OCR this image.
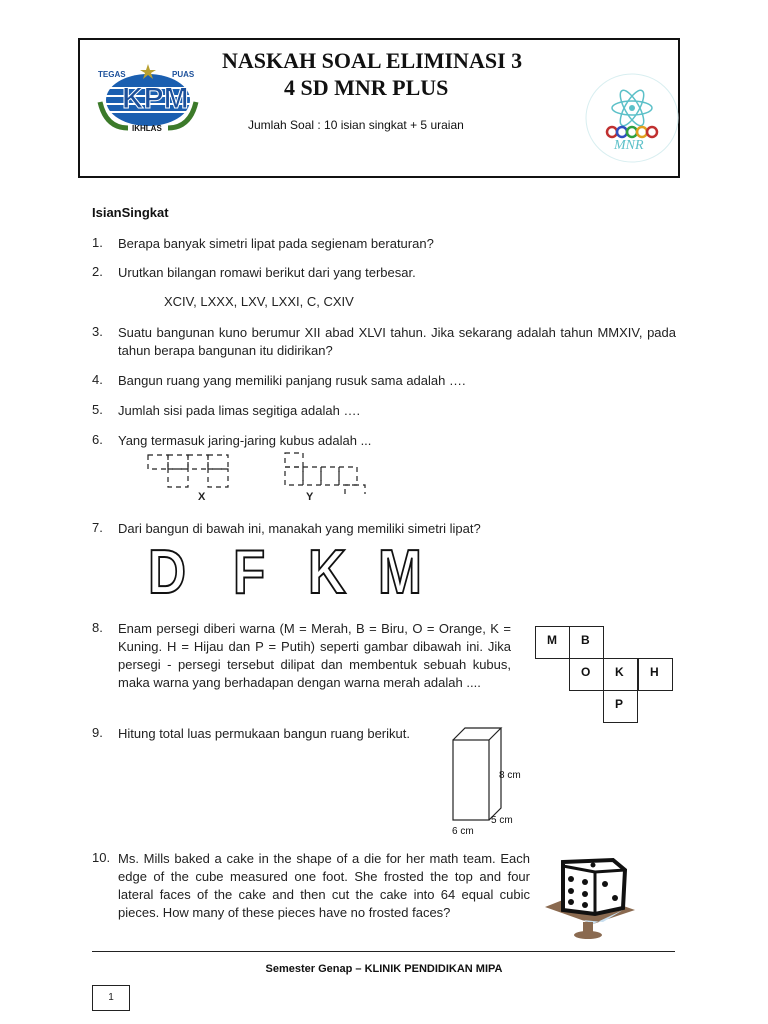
KPM
TEGAS	PUAS
IKHLAS
NASKAH SOAL ELIMINASI 3
4 SD MNR PLUS
Jumlah Soal : 10 isian singkat + 5 uraian
MNR
IsianSingkat
1. Berapa banyak simetri lipat pada segienam beraturan?
2. Urutkan bilangan romawi berikut dari yang terbesar.
XCIV, LXXX, LXV, LXXI, C, CXIV
3. Suatu bangunan kuno berumur XII abad XLVI tahun. Jika sekarang adalah tahun MMXIV, pada tahun berapa bangunan itu didirikan?
4. Bangun ruang yang memiliki panjang rusuk sama adalah ….
5. Jumlah sisi pada limas segitiga adalah ….
6. Yang termasuk jaring-jaring kubus adalah ...
X	Y
7. Dari bangun di bawah ini, manakah yang memiliki simetri lipat?
D F K M
8. Enam persegi diberi warna (M = Merah, B = Biru, O = Orange, K = Kuning. H = Hijau dan P = Putih) seperti gambar dibawah ini. Jika persegi - persegi tersebut dilipat dan membentuk sebuah kubus, maka warna yang berhadapan dengan warna merah adalah ....
M	B
O	K	H
P
9. Hitung total luas permukaan bangun ruang berikut.
8 cm
5 cm
6 cm
10. Ms. Mills baked a cake in the shape of a die for her math team. Each edge of the cube measured one foot. She frosted the top and four lateral faces of the cake and then cut the cake into 64 equal cubic pieces. How many of these pieces have no frosted faces?
Semester Genap – KLINIK PENDIDIKAN MIPA
1
